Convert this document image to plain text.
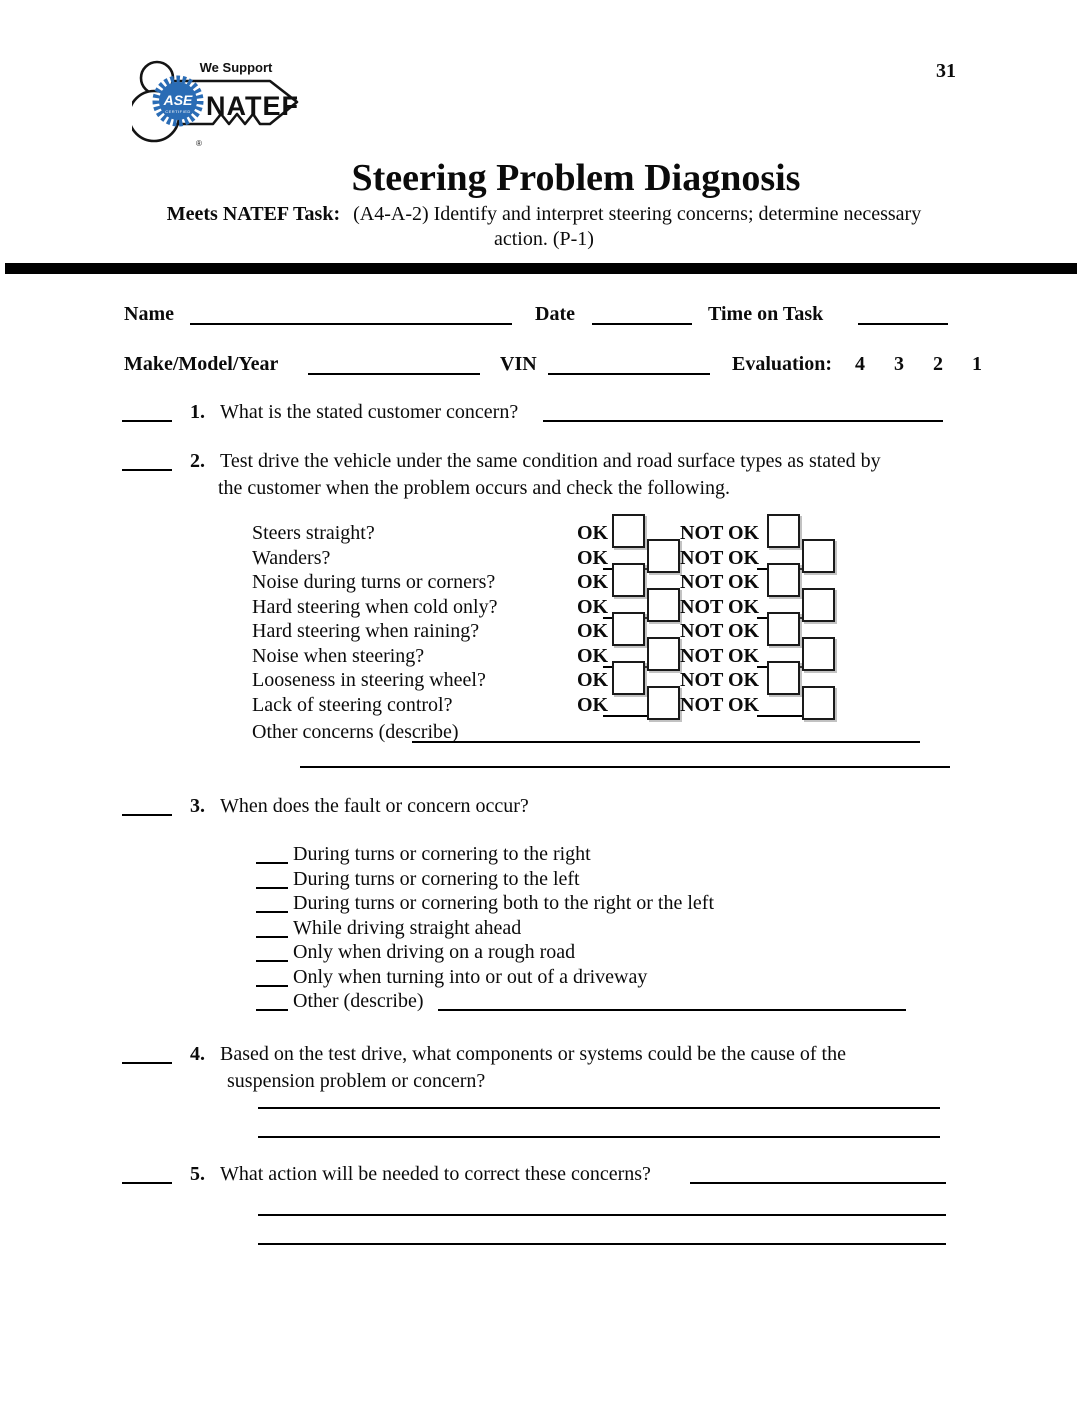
31
ASE
CERTIFIED
We Support
NATEF
®
Steering Problem Diagnosis
Meets NATEF Task: (A4-A-2) Identify and interpret steering concerns; determine necessary
action. (P-1)
Name	Date	Time on Task
Make/Model/Year	VIN	Evaluation:	4 3 2 1
1. What is the stated customer concern?
2. Test drive the vehicle under the same condition and road surface types as stated by
the customer when the problem occurs and check the following.
Steers straight?	OK	NOT OK
Wanders?	OK	NOT OK
Noise during turns or corners?	OK	NOT OK
Hard steering when cold only?	OK	NOT OK
Hard steering when raining?	OK	NOT OK
Noise when steering?	OK	NOT OK
Looseness in steering wheel?	OK	NOT OK
Lack of steering control?	OK	NOT OK
Other concerns (describe)
3. When does the fault or concern occur?
During turns or cornering to the right
During turns or cornering to the left
During turns or cornering both to the right or the left
While driving straight ahead
Only when driving on a rough road
Only when turning into or out of a driveway
Other (describe)
4. Based on the test drive, what components or systems could be the cause of the
suspension problem or concern?
5. What action will be needed to correct these concerns?
